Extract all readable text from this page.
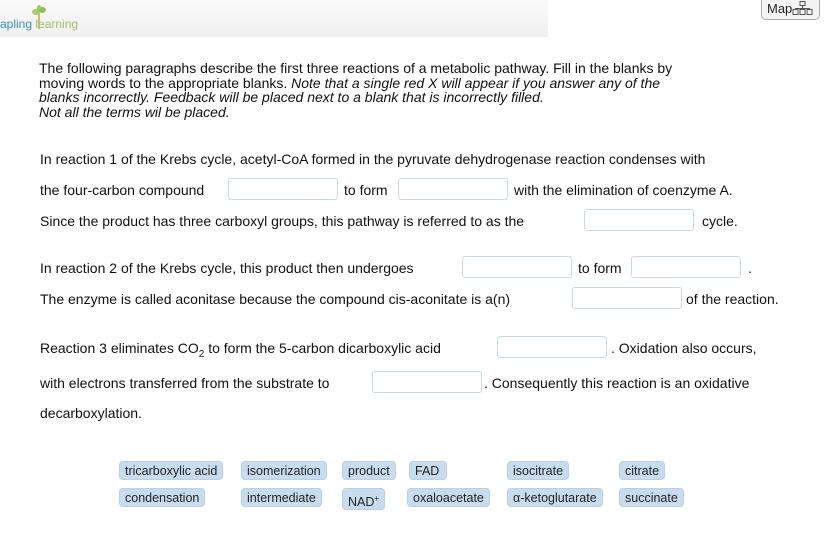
apling learning
Map
The following paragraphs describe the first three reactions of a metabolic pathway. Fill in the blanks by
moving words to the appropriate blanks. Note that a single red X will appear if you answer any of the
blanks incorrectly. Feedback will be placed next to a blank that is incorrectly filled.
Not all the terms wil be placed.
In reaction 1 of the Krebs cycle, acetyl-CoA formed in the pyruvate dehydrogenase reaction condenses with
the four-carbon compound	to form	with the elimination of coenzyme A.
Since the product has three carboxyl groups, this pathway is referred to as the	cycle.
In reaction 2 of the Krebs cycle, this product then undergoes	to form	.
The enzyme is called aconitase because the compound cis-aconitate is a(n)	of the reaction.
Reaction 3 eliminates $CO_2$ to form the 5-carbon dicarboxylic acid	. Oxidation also occurs,
with electrons transferred from the substrate to	. Consequently this reaction is an oxidative
decarboxylation.
tricarboxylic acid	isomerization	product	FAD	isocitrate	citrate
condensation	intermediate	NAD+	oxaloacetate	α-ketoglutarate	succinate
